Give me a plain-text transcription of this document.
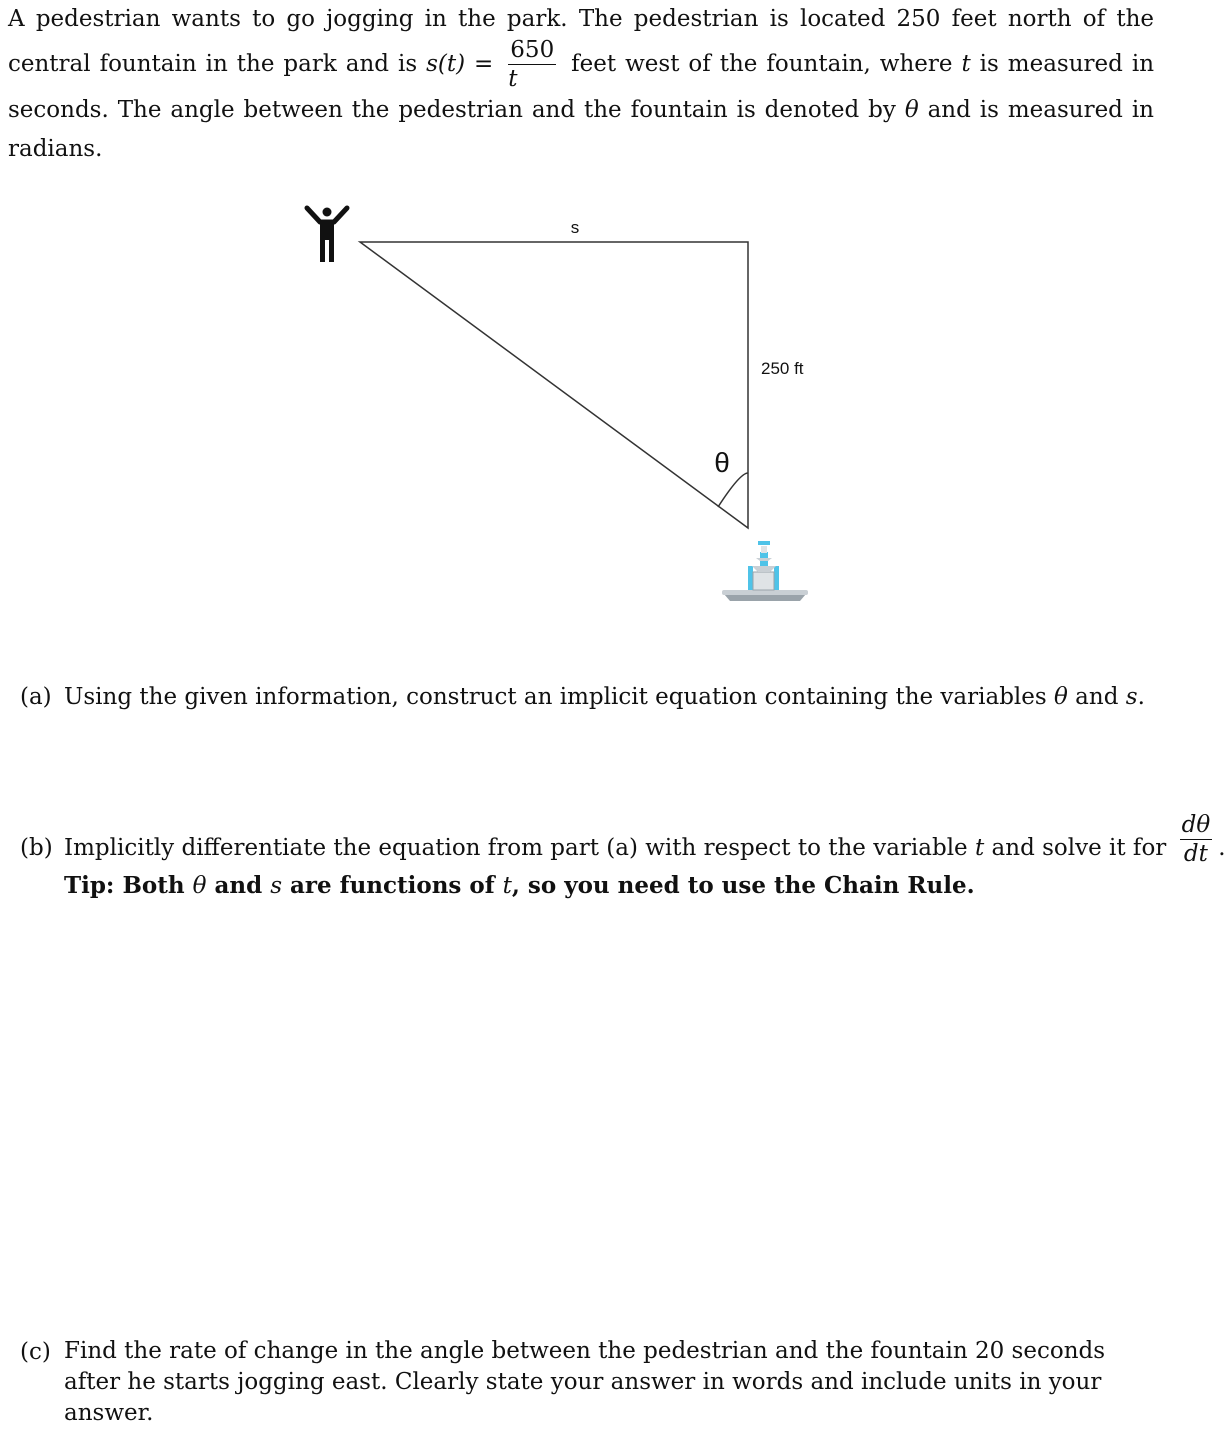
A pedestrian wants to go jogging in the park. The pedestrian is located 250 feet north of the central fountain in the park and is $s(t) = \frac{650}{t}$ feet west of the fountain, where t is measured in seconds. The angle between the pedestrian and the fountain is denoted by θ and is measured in radians.
s
250 ft
θ
(a) Using the given information, construct an implicit equation containing the variables θ and s.
(b) Implicitly differentiate the equation from part (a) with respect to the variable t and solve it for $\frac{d\theta}{dt}$ .
Tip: Both θ and s are functions of t, so you need to use the Chain Rule.
(c) Find the rate of change in the angle between the pedestrian and the fountain 20 seconds after he starts jogging east. Clearly state your answer in words and include units in your answer.
